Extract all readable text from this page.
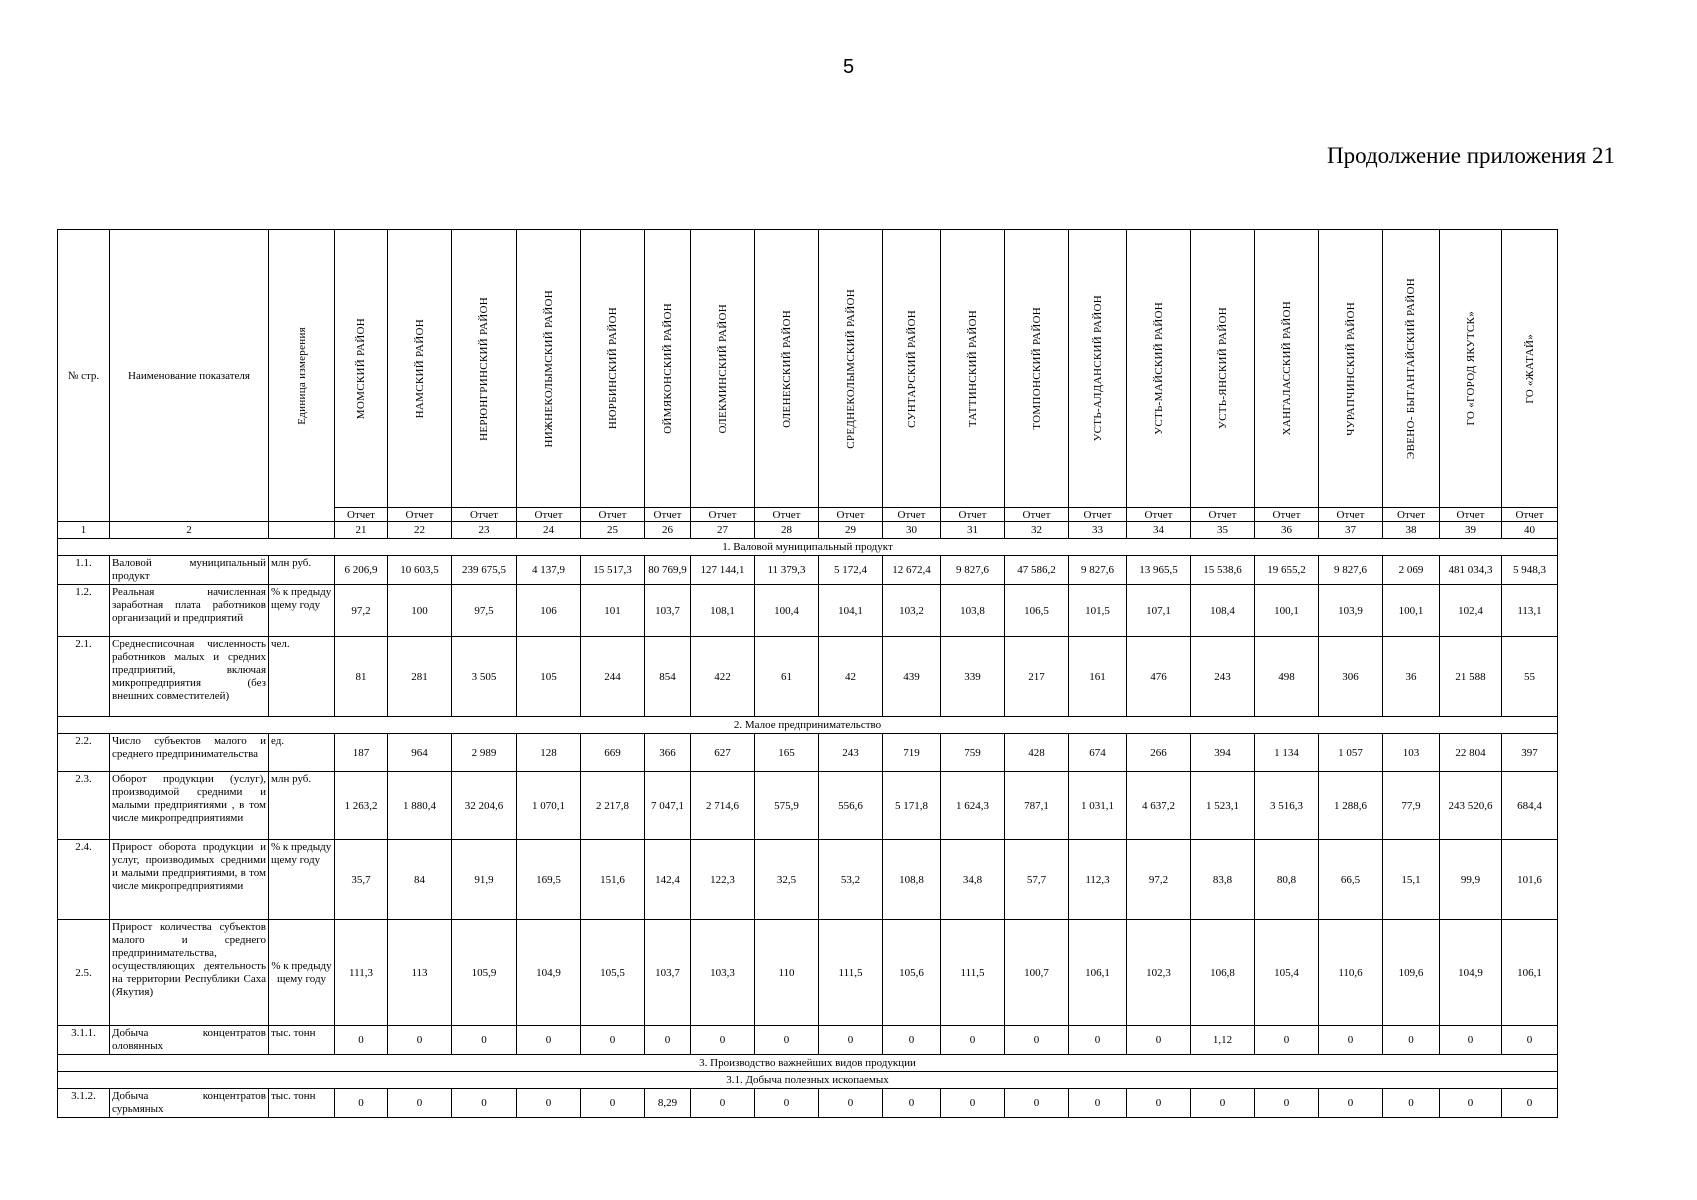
5
Продолжение приложения 21
№ стр.	Наименование показателя	Единица измерения	МОМСКИЙ РАЙОН	НАМСКИЙ РАЙОН	НЕРЮНГРИНСКИЙ РАЙОН	НИЖНЕКОЛЫМСКИЙ РАЙОН	НЮРБИНСКИЙ РАЙОН	ОЙМЯКОНСКИЙ РАЙОН	ОЛЕКМИНСКИЙ РАЙОН	ОЛЕНЕКСКИЙ РАЙОН	СРЕДНЕКОЛЫМСКИЙ РАЙОН	СУНТАРСКИЙ РАЙОН	ТАТТИНСКИЙ РАЙОН	ТОМПОНСКИЙ РАЙОН	УСТЬ-АЛДАНСКИЙ РАЙОН	УСТЬ-МАЙСКИЙ РАЙОН	УСТЬ-ЯНСКИЙ РАЙОН	ХАНГАЛАССКИЙ РАЙОН	ЧУРАПЧИНСКИЙ РАЙОН	ЭВЕНО- БЫТАНТАЙСКИЙ РАЙОН	ГО «ГОРОД ЯКУТСК»	ГО «ЖАТАЙ»

			Отчет	Отчет	Отчет	Отчет	Отчет	Отчет	Отчет	Отчет	Отчет	Отчет	Отчет	Отчет	Отчет	Отчет	Отчет	Отчет	Отчет	Отчет	Отчет	Отчет
1	2		21	22	23	24	25	26	27	28	29	30	31	32	33	34	35	36	37	38	39	40
1. Валовой муниципальный продукт																						
1.1.	Валовой муниципальный продукт	млн руб.	6 206,9	10 603,5	239 675,5	4 137,9	15 517,3	80 769,9	127 144,1	11 379,3	5 172,4	12 672,4	9 827,6	47 586,2	9 827,6	13 965,5	15 538,6	19 655,2	9 827,6	2 069	481 034,3	5 948,3
1.2.	Реальная начисленная заработная плата работников организаций и предприятий	% к предыду щему году	97,2	100	97,5	106	101	103,7	108,1	100,4	104,1	103,2	103,8	106,5	101,5	107,1	108,4	100,1	103,9	100,1	102,4	113,1
2.1.	Среднесписочная численность работников малых и средних предприятий, включая микропредприятия (без внешних совместителей)	чел.	81	281	3 505	105	244	854	422	61	42	439	339	217	161	476	243	498	306	36	21 588	55
2. Малое предпринимательство																						
2.2.	Число субъектов малого и среднего предпринимательства	ед.	187	964	2 989	128	669	366	627	165	243	719	759	428	674	266	394	1 134	1 057	103	22 804	397
2.3.	Оборот продукции (услуг), производимой средними и малыми предприятиями , в том числе микропредприятиями	млн руб.	1 263,2	1 880,4	32 204,6	1 070,1	2 217,8	7 047,1	2 714,6	575,9	556,6	5 171,8	1 624,3	787,1	1 031,1	4 637,2	1 523,1	3 516,3	1 288,6	77,9	243 520,6	684,4
2.4.	Прирост оборота продукции и услуг, производимых средними и малыми предприятиями, в том числе микропредприятиями	% к предыду щему году	35,7	84	91,9	169,5	151,6	142,4	122,3	32,5	53,2	108,8	34,8	57,7	112,3	97,2	83,8	80,8	66,5	15,1	99,9	101,6
2.5.	Прирост количества субъектов малого и среднего предпринимательства, осуществляющих деятельность на территории Республики Саха (Якутия)	% к предыду щему году	111,3	113	105,9	104,9	105,5	103,7	103,3	110	111,5	105,6	111,5	100,7	106,1	102,3	106,8	105,4	110,6	109,6	104,9	106,1
3.1.1.	Добыча концентратов оловянных	тыс. тонн	0	0	0	0	0	0	0	0	0	0	0	0	0	0	1,12	0	0	0	0	0
3. Производство важнейших видов продукции																						
3.1. Добыча полезных ископаемых																						
3.1.2.	Добыча концентратов сурьмяных	тыс. тонн	0	0	0	0	0	8,29	0	0	0	0	0	0	0	0	0	0	0	0	0	0
